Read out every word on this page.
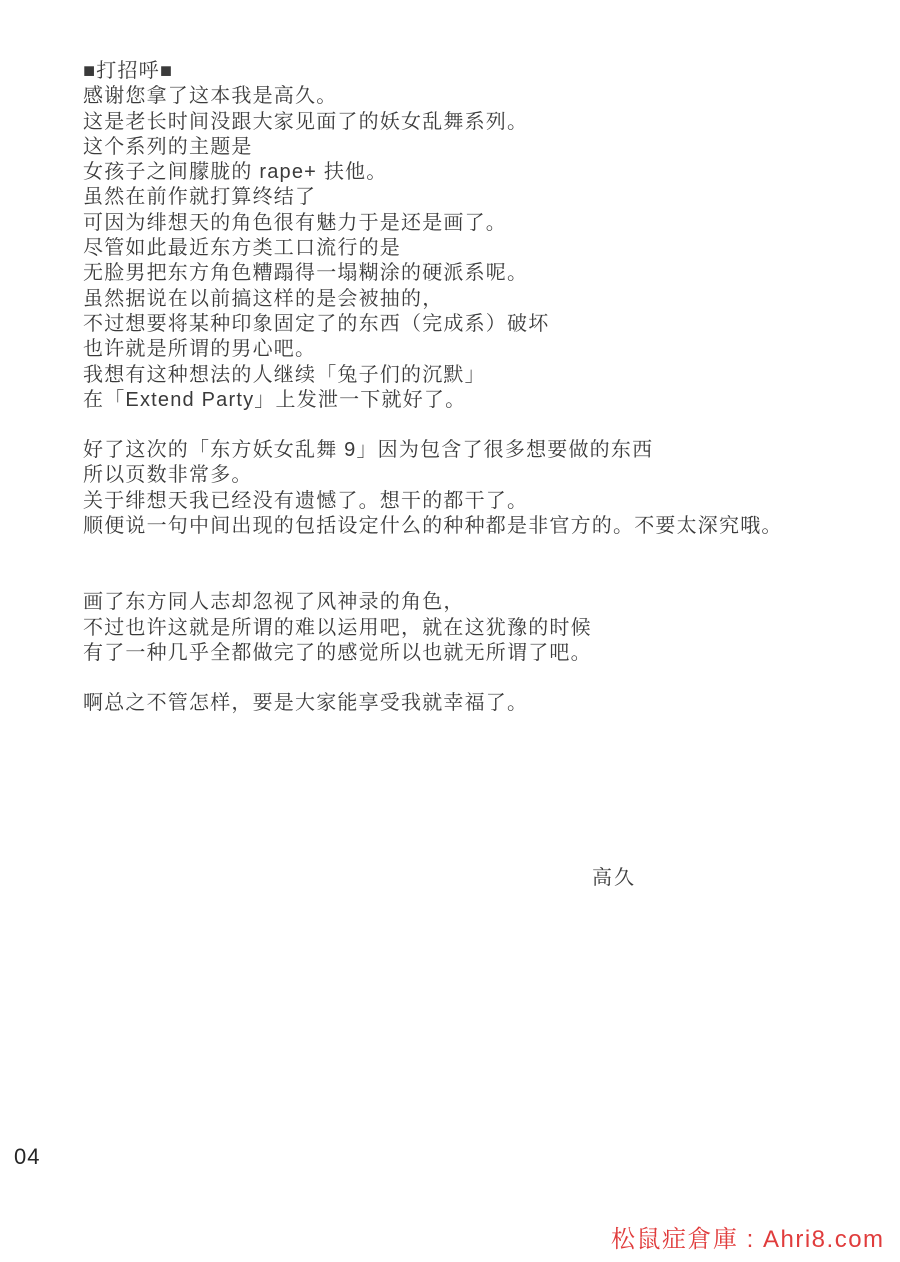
■打招呼■
感谢您拿了这本我是高久。
这是老长时间没跟大家见面了的妖女乱舞系列。
这个系列的主题是
女孩子之间朦胧的 rape+ 扶他。
虽然在前作就打算终结了
可因为绯想天的角色很有魅力于是还是画了。
尽管如此最近东方类工口流行的是
无脸男把东方角色糟蹋得一塌糊涂的硬派系呢。
虽然据说在以前搞这样的是会被抽的，
不过想要将某种印象固定了的东西（完成系）破坏
也许就是所谓的男心吧。
我想有这种想法的人继续「兔子们的沉默」
在「Extend Party」上发泄一下就好了。
好了这次的「东方妖女乱舞 9」因为包含了很多想要做的东西
所以页数非常多。
关于绯想天我已经没有遗憾了。想干的都干了。
顺便说一句中间出现的包括设定什么的种种都是非官方的。不要太深究哦。
画了东方同人志却忽视了风神录的角色，
不过也许这就是所谓的难以运用吧，就在这犹豫的时候
有了一种几乎全都做完了的感觉所以也就无所谓了吧。
啊总之不管怎样，要是大家能享受我就幸福了。
高久
04
松鼠症倉庫 : Ahri8.com
